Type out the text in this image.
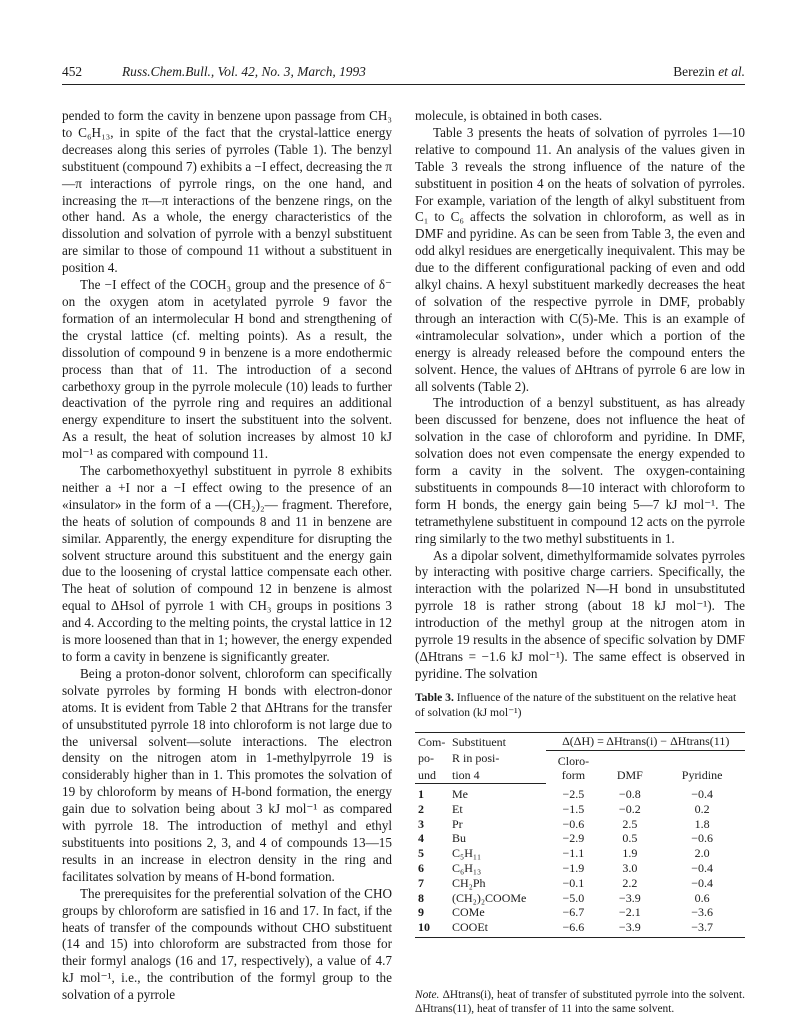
452	Russ.Chem.Bull., Vol. 42, No. 3, March, 1993	Berezin et al.

pended to form the cavity in benzene upon passage from CH₃ to C₆H₁₃, in spite of the fact that the crystal-lattice energy decreases along this series of pyrroles (Table 1). The benzyl substituent (compound 7) exhibits a −I effect, decreasing the π—π interactions of pyrrole rings, on the one hand, and increasing the π—π interactions of the benzene rings, on the other hand. As a whole, the energy characteristics of the dissolution and solvation of pyrrole with a benzyl substituent are similar to those of compound 11 without a substituent in position 4.

The −I effect of the COCH₃ group and the presence of δ⁻ on the oxygen atom in acetylated pyrrole 9 favor the formation of an intermolecular H bond and strengthening of the crystal lattice (cf. melting points). As a result, the dissolution of compound 9 in benzene is a more endothermic process than that of 11. The introduction of a second carbethoxy group in the pyrrole molecule (10) leads to further deactivation of the pyrrole ring and requires an additional energy expenditure to insert the substituent into the solvent. As a result, the heat of solution increases by almost 10 kJ mol⁻¹ as compared with compound 11.

The carbomethoxyethyl substituent in pyrrole 8 exhibits neither a +I nor a −I effect owing to the presence of an «insulator» in the form of a —(CH₂)₂— fragment. Therefore, the heats of solution of compounds 8 and 11 in benzene are similar. Apparently, the energy expenditure for disrupting the solvent structure around this substituent and the energy gain due to the loosening of crystal lattice compensate each other. The heat of solution of compound 12 in benzene is almost equal to ΔHsol of pyrrole 1 with CH₃ groups in positions 3 and 4. According to the melting points, the crystal lattice in 12 is more loosened than that in 1; however, the energy expended to form a cavity in benzene is significantly greater.

Being a proton-donor solvent, chloroform can specifically solvate pyrroles by forming H bonds with electron-donor atoms. It is evident from Table 2 that ΔHtrans for the transfer of unsubstituted pyrrole 18 into chloroform is not large due to the universal solvent—solute interactions. The electron density on the nitrogen atom in 1-methylpyrrole 19 is considerably higher than in 1. This promotes the solvation of 19 by chloroform by means of H-bond formation, the energy gain due to solvation being about 3 kJ mol⁻¹ as compared with pyrrole 18. The introduction of methyl and ethyl substituents into positions 2, 3, and 4 of compounds 13—15 results in an increase in electron density in the ring and facilitates solvation by means of H-bond formation.

The prerequisites for the preferential solvation of the CHO groups by chloroform are satisfied in 16 and 17. In fact, if the heats of transfer of the compounds without CHO substituent (14 and 15) into chloroform are substracted from those for their formyl analogs (16 and 17, respectively), a value of 4.7 kJ mol⁻¹, i.e., the contribution of the formyl group to the solvation of a pyrrole

molecule, is obtained in both cases.

Table 3 presents the heats of solvation of pyrroles 1—10 relative to compound 11. An analysis of the values given in Table 3 reveals the strong influence of the nature of the substituent in position 4 on the heats of solvation of pyrroles. For example, variation of the length of alkyl substituent from C₁ to C₆ affects the solvation in chloroform, as well as in DMF and pyridine. As can be seen from Table 3, the even and odd alkyl residues are energetically inequivalent. This may be due to the different configurational packing of even and odd alkyl chains. A hexyl substituent markedly decreases the heat of solvation of the respective pyrrole in DMF, probably through an interaction with C(5)-Me. This is an example of «intramolecular solvation», under which a portion of the energy is already released before the compound enters the solvent. Hence, the values of ΔHtrans of pyrrole 6 are low in all solvents (Table 2).

The introduction of a benzyl substituent, as has already been discussed for benzene, does not influence the heat of solvation in the case of chloroform and pyridine. In DMF, solvation does not even compensate the energy expended to form a cavity in the solvent. The oxygen-containing substituents in compounds 8—10 interact with chloroform to form H bonds, the energy gain being 5—7 kJ mol⁻¹. The tetramethylene substituent in compound 12 acts on the pyrrole ring similarly to the two methyl substituents in 1.

As a dipolar solvent, dimethylformamide solvates pyrroles by interacting with positive charge carriers. Specifically, the interaction with the polarized N—H bond in unsubstituted pyrrole 18 is rather strong (about 18 kJ mol⁻¹). The introduction of the methyl group at the nitrogen atom in pyrrole 19 results in the absence of specific solvation by DMF (ΔHtrans = −1.6 kJ mol⁻¹). The same effect is observed in pyridine. The solvation

Table 3. Influence of the nature of the substituent on the relative heat of solvation (kJ mol⁻¹)
Com-	Substituent	Δ(ΔH) = ΔHtrans(i) − ΔHtrans(11)		
po-	R in posi-	Cloro-form	DMF	Pyridine
und	tion 4			
1	Me	−2.5	−0.8	−0.4
2	Et	−1.5	−0.2	0.2
3	Pr	−0.6	2.5	1.8
4	Bu	−2.9	0.5	−0.6
5	C₅H₁₁	−1.1	1.9	2.0
6	C₆H₁₃	−1.9	3.0	−0.4
7	CH₂Ph	−0.1	2.2	−0.4
8	(CH₂)₂COOMe	−5.0	−3.9	0.6
9	COMe	−6.7	−2.1	−3.6
10	COOEt	−6.6	−3.9	−3.7
Note. ΔHtrans(i), heat of transfer of substituted pyrrole into the solvent. ΔHtrans(11), heat of transfer of 11 into the same solvent.
